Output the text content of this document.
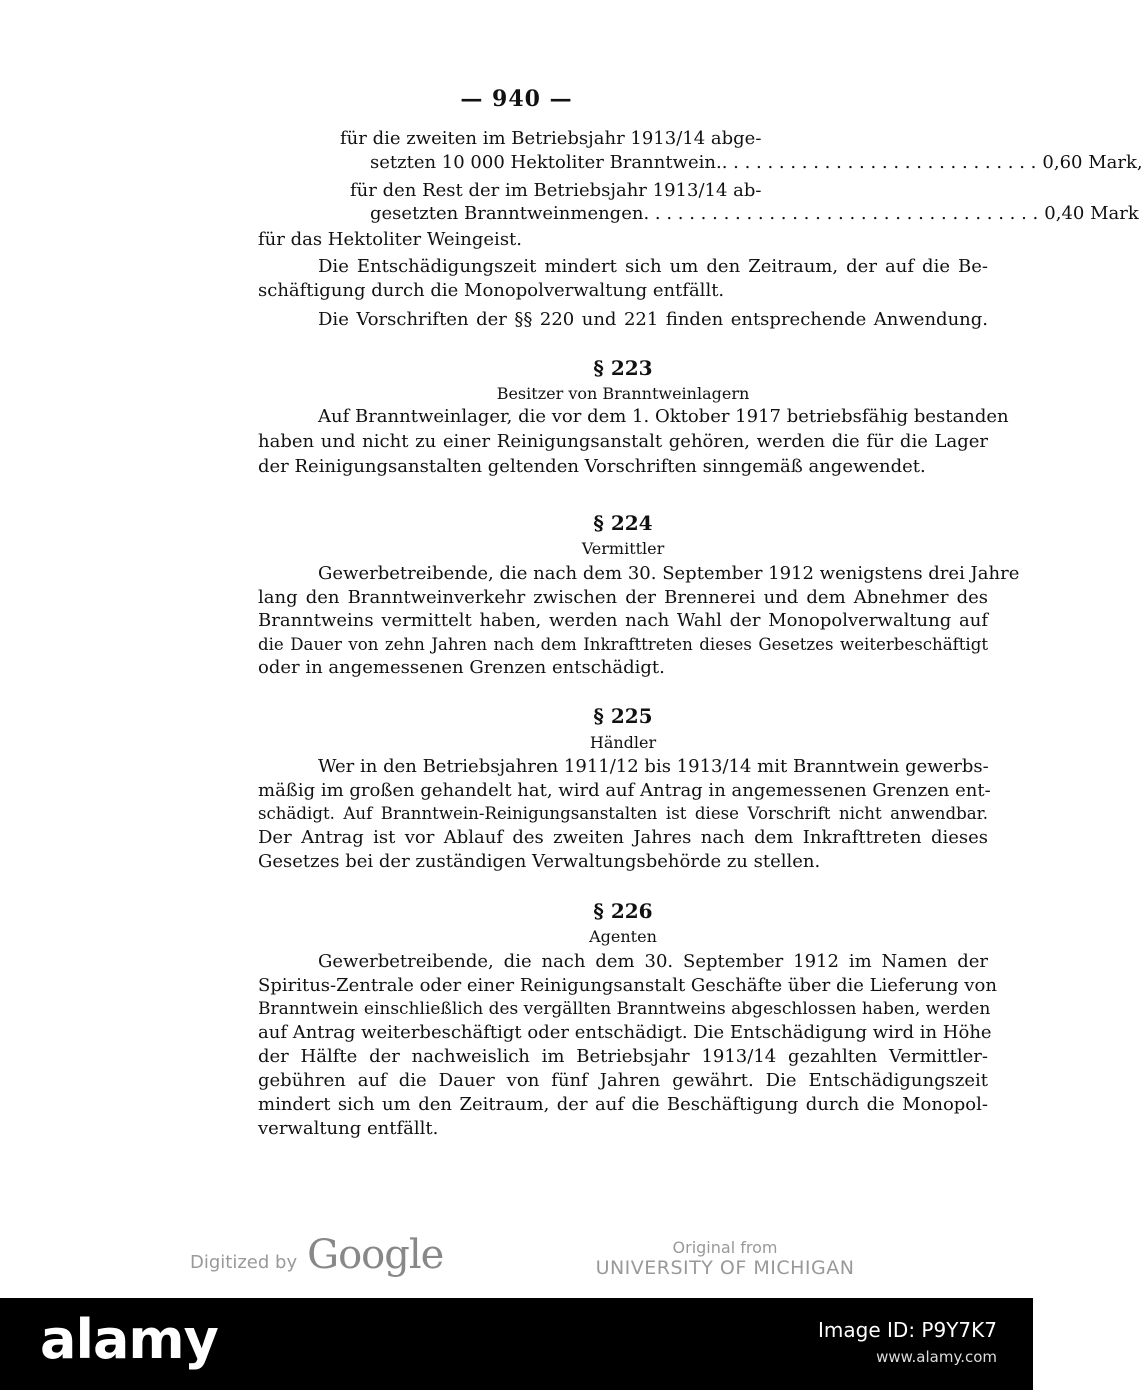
— 940 —
für die zweiten im Betriebsjahr 1913/14 abge-
setzten 10 000 Hektoliter Branntwein. . . . . . . . . . . . . . . . . . . . . . . . . . . . . 0,60 Mark,
für den Rest der im Betriebsjahr 1913/14 ab-
gesetzten Branntweinmengen . . . . . . . . . . . . . . . . . . . . . . . . . . . . . . . . . . . 0,40 Mark
für das Hektoliter Weingeist.
Die Entschädigungszeit mindert sich um den Zeitraum, der auf die Be-
schäftigung durch die Monopolverwaltung entfällt.
Die Vorschriften der §§ 220 und 221 finden entsprechende Anwendung.
§ 223
Besitzer von Branntweinlagern
Auf Branntweinlager, die vor dem 1. Oktober 1917 betriebsfähig bestanden
haben und nicht zu einer Reinigungsanstalt gehören, werden die für die Lager
der Reinigungsanstalten geltenden Vorschriften sinngemäß angewendet.
§ 224
Vermittler
Gewerbetreibende, die nach dem 30. September 1912 wenigstens drei Jahre
lang den Branntweinverkehr zwischen der Brennerei und dem Abnehmer des
Branntweins vermittelt haben, werden nach Wahl der Monopolverwaltung auf
die Dauer von zehn Jahren nach dem Inkrafttreten dieses Gesetzes weiterbeschäftigt
oder in angemessenen Grenzen entschädigt.
§ 225
Händler
Wer in den Betriebsjahren 1911/12 bis 1913/14 mit Branntwein gewerbs-
mäßig im großen gehandelt hat, wird auf Antrag in angemessenen Grenzen ent-
schädigt. Auf Branntwein-Reinigungsanstalten ist diese Vorschrift nicht anwendbar.
Der Antrag ist vor Ablauf des zweiten Jahres nach dem Inkrafttreten dieses
Gesetzes bei der zuständigen Verwaltungsbehörde zu stellen.
§ 226
Agenten
Gewerbetreibende, die nach dem 30. September 1912 im Namen der
Spiritus-Zentrale oder einer Reinigungsanstalt Geschäfte über die Lieferung von
Branntwein einschließlich des vergällten Branntweins abgeschlossen haben, werden
auf Antrag weiterbeschäftigt oder entschädigt. Die Entschädigung wird in Höhe
der Hälfte der nachweislich im Betriebsjahr 1913/14 gezahlten Vermittler-
gebühren auf die Dauer von fünf Jahren gewährt. Die Entschädigungszeit
mindert sich um den Zeitraum, der auf die Beschäftigung durch die Monopol-
verwaltung entfällt.
Digitized by Google	Original from
UNIVERSITY OF MICHIGAN
alamy	Image ID: P9Y7K7
www.alamy.com
